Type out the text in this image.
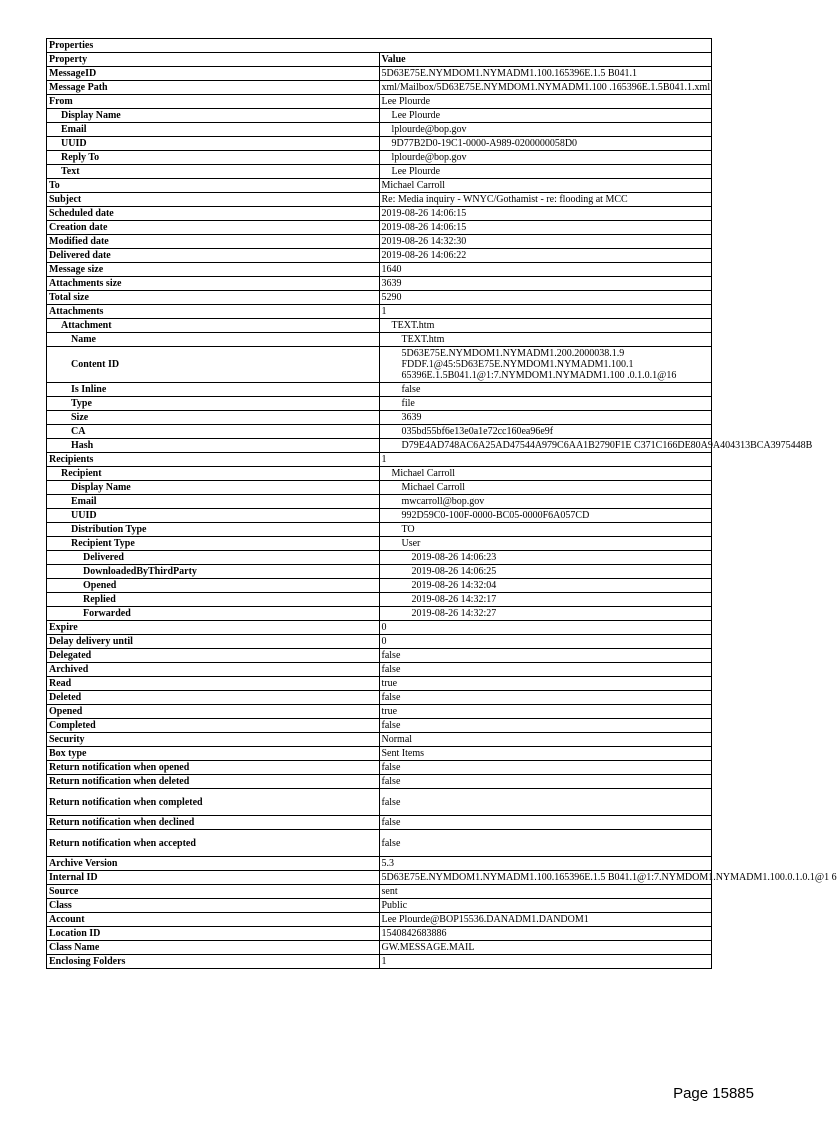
Properties	
Property	Value
MessageID	5D63E75E.NYMDOM1.NYMADM1.100.165396E.1.5 B041.1
Message Path	xml/Mailbox/5D63E75E.NYMDOM1.NYMADM1.100 .165396E.1.5B041.1.xml
From	Lee Plourde
Display Name	Lee Plourde
Email	lplourde@bop.gov
UUID	9D77B2D0-19C1-0000-A989-0200000058D0
Reply To	lplourde@bop.gov
Text	Lee Plourde
To	Michael Carroll
Subject	Re: Media inquiry - WNYC/Gothamist - re: flooding at MCC
Scheduled date	2019-08-26 14:06:15
Creation date	2019-08-26 14:06:15
Modified date	2019-08-26 14:32:30
Delivered date	2019-08-26 14:06:22
Message size	1640
Attachments size	3639
Total size	5290
Attachments	1
Attachment	TEXT.htm
Name	TEXT.htm
Content ID	5D63E75E.NYMDOM1.NYMADM1.200.2000038.1.9
FDDF.1@45:5D63E75E.NYMDOM1.NYMADM1.100.1
65396E.1.5B041.1@1:7.NYMDOM1.NYMADM1.100 .0.1.0.1@16
Is Inline	false
Type	file
Size	3639
CA	035bd55bf6e13e0a1e72cc160ea96e9f
Hash	D79E4AD748AC6A25AD47544A979C6AA1B2790F1E C371C166DE80A9A404313BCA3975448B
Recipients	1
Recipient	Michael Carroll
Display Name	Michael Carroll
Email	mwcarroll@bop.gov
UUID	992D59C0-100F-0000-BC05-0000F6A057CD
Distribution Type	TO
Recipient Type	User
Delivered	2019-08-26 14:06:23
DownloadedByThirdParty	2019-08-26 14:06:25
Opened	2019-08-26 14:32:04
Replied	2019-08-26 14:32:17
Forwarded	2019-08-26 14:32:27
Expire	0
Delay delivery until	0
Delegated	false
Archived	false
Read	true
Deleted	false
Opened	true
Completed	false
Security	Normal
Box type	Sent Items
Return notification when opened	false
Return notification when deleted	false
Return notification when completed	false
Return notification when declined	false
Return notification when accepted	false
Archive Version	5.3
Internal ID	5D63E75E.NYMDOM1.NYMADM1.100.165396E.1.5 B041.1@1:7.NYMDOM1.NYMADM1.100.0.1.0.1@1 6
Source	sent
Class	Public
Account	Lee Plourde@BOP15536.DANADM1.DANDOM1
Location ID	1540842683886
Class Name	GW.MESSAGE.MAIL
Enclosing Folders	1
Page 15885
